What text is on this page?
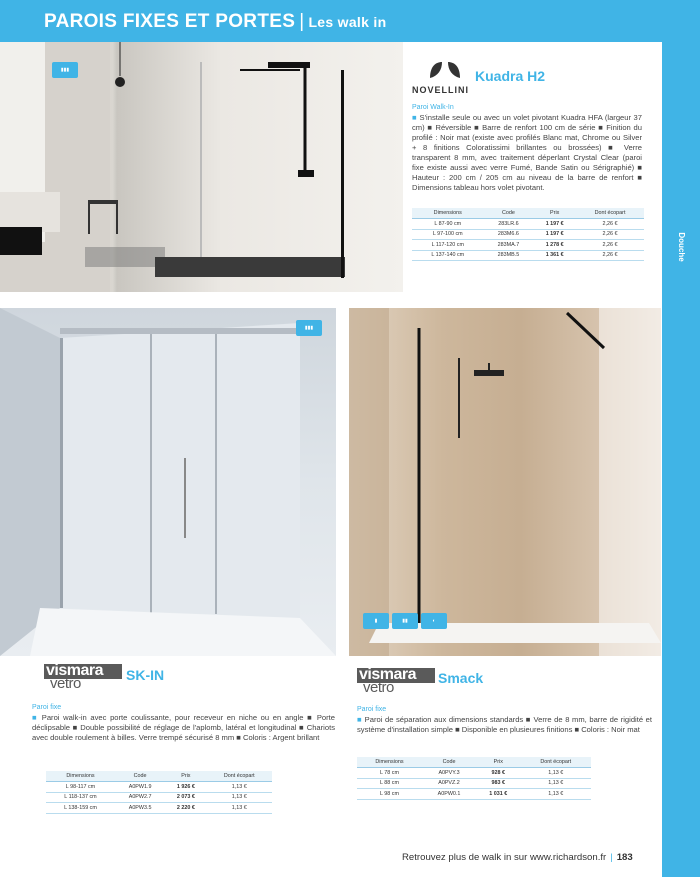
PAROIS FIXES ET PORTES | Les walk in
Douche
▮▮▮
NOVELLINI
Kuadra H2
Paroi Walk-In
■ S'installe seule ou avec un volet pivotant Kuadra HFA (largeur 37 cm) ■ Réversible ■ Barre de renfort 100 cm de série ■ Finition du profilé : Noir mat (existe avec profilés Blanc mat, Chrome ou Silver + 8 finitions Coloratissimi brillantes ou brossées) ■ Verre transparent 8 mm, avec traitement déperlant Crystal Clear (paroi fixe existe aussi avec verre Fumé, Bande Satin ou Sérigraphié) ■ Hauteur : 200 cm / 205 cm au niveau de la barre de renfort ■ Dimensions tableau hors volet pivotant.
Dimensions	Code	Prix	Dont écopart
L 87-90 cm	283LR.6	1 197 €	2,26 €
L 97-100 cm	283M6.6	1 197 €	2,26 €
L 117-120 cm	283MA.7	1 278 €	2,26 €
L 137-140 cm	283MB.5	1 361 €	2,26 €
▮▮▮
vismara
vetro	SK-IN
Paroi fixe
■ Paroi walk-in avec porte coulissante, pour receveur en niche ou en angle ■ Porte déclipsable ■ Double possibilité de réglage de l'aplomb, latéral et longitudinal ■ Chariots avec double roulement à billes. Verre trempé sécurisé 8 mm ■ Coloris : Argent brillant
Dimensions	Code	Prix	Dont écopart
L 98-117 cm	A0PW1.9	1 926 €	1,13 €
L 118-137 cm	A0PW2.7	2 073 €	1,13 €
L 138-159 cm	A0PW3.5	2 220 €	1,13 €
▮	▮▮	◐
vismara
vetro
Smack
Paroi fixe
■ Paroi de séparation aux dimensions standards ■ Verre de 8 mm, barre de rigidité et système d'installation simple ■ Disponible en plusieures finitions ■ Coloris : Noir mat
Dimensions	Code	Prix	Dont écopart
L 78 cm	A0PVY.3	928 €	1,13 €
L 88 cm	A0PVZ.2	983 €	1,13 €
L 98 cm	A0PW0.1	1 031 €	1,13 €
Retrouvez plus de walk in sur www.richardson.fr | 183
